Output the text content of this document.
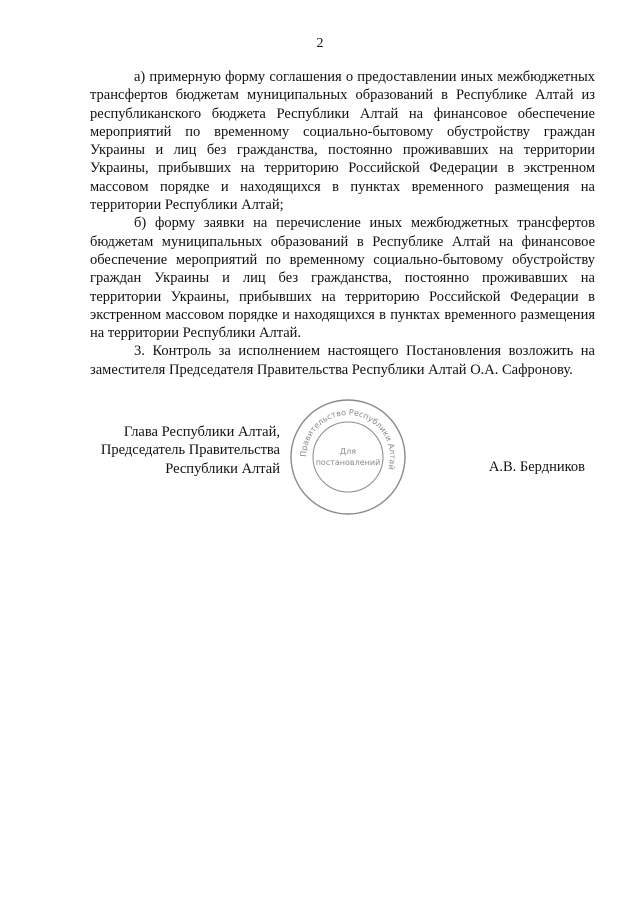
2

а) примерную форму соглашения о предоставлении иных межбюджетных трансфертов бюджетам муниципальных образований в Республике Алтай из республиканского бюджета Республики Алтай на финансовое обеспечение мероприятий по временному социально-бытовому обустройству граждан Украины и лиц без гражданства, постоянно проживавших на территории Украины, прибывших на территорию Российской Федерации в экстренном массовом порядке и находящихся в пунктах временного размещения на территории Республики Алтай;

б) форму заявки на перечисление иных межбюджетных трансфертов бюджетам муниципальных образований в Республике Алтай на финансовое обеспечение мероприятий по временному социально-бытовому обустройству граждан Украины и лиц без гражданства, постоянно проживавших на территории Украины, прибывших на территорию Российской Федерации в экстренном массовом порядке и находящихся в пунктах временного размещения на территории Республики Алтай.

3. Контроль за исполнением настоящего Постановления возложить на заместителя Председателя Правительства Республики Алтай О.А. Сафронову.

Глава Республики Алтай,
Председатель Правительства
Республики Алтай	А.В. Бердников
Правительство Республики Алтай
Для
постановлений
